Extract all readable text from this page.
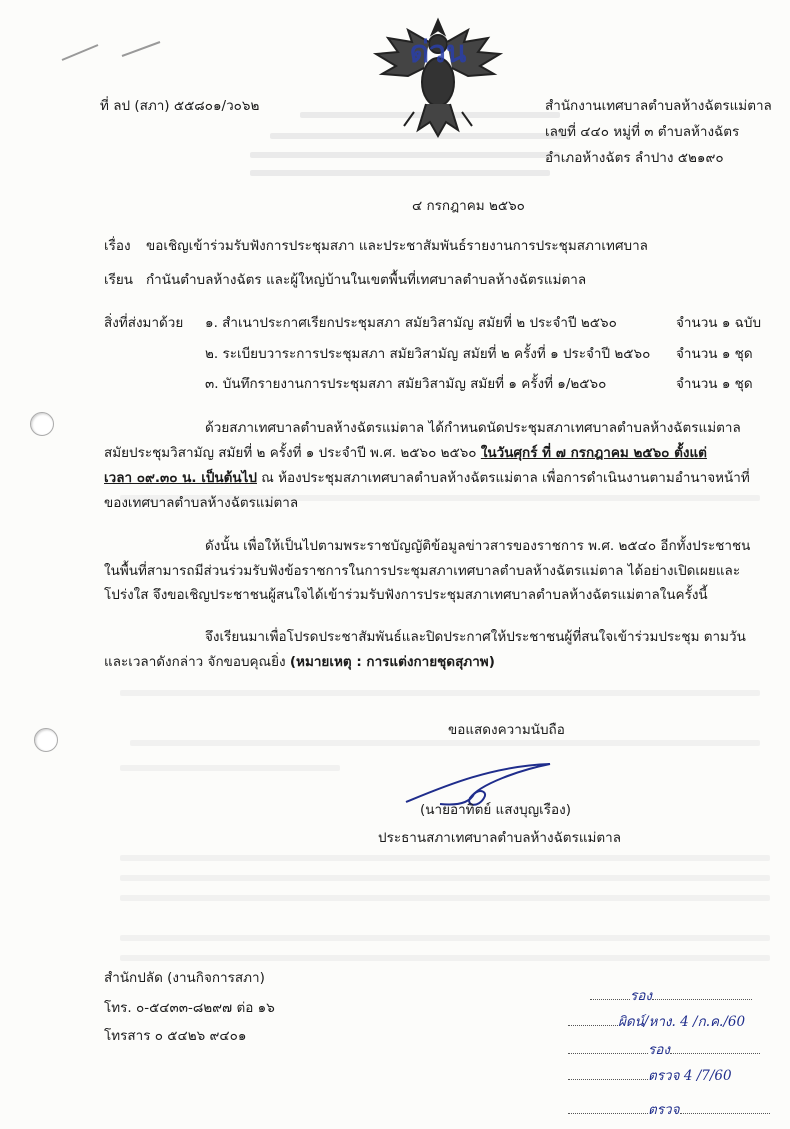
ด่วน
ที่ ลป (สภา) ๕๕๘๐๑/ว๐๖๒	สำนักงานเทศบาลตำบลห้างฉัตรแม่ตาล
เลขที่ ๔๔๐ หมู่ที่ ๓ ตำบลห้างฉัตร
อำเภอห้างฉัตร ลำปาง ๕๒๑๙๐
๔ กรกฎาคม ๒๕๖๐
เรื่อง ขอเชิญเข้าร่วมรับฟังการประชุมสภา และประชาสัมพันธ์รายงานการประชุมสภาเทศบาล
เรียน กำนันตำบลห้างฉัตร และผู้ใหญ่บ้านในเขตพื้นที่เทศบาลตำบลห้างฉัตรแม่ตาล
สิ่งที่ส่งมาด้วย ๑. สำเนาประกาศเรียกประชุมสภา สมัยวิสามัญ สมัยที่ ๒ ประจำปี ๒๕๖๐	จำนวน ๑ ฉบับ
๒. ระเบียบวาระการประชุมสภา สมัยวิสามัญ สมัยที่ ๒ ครั้งที่ ๑ ประจำปี ๒๕๖๐ จำนวน ๑ ชุด
๓. บันทึกรายงานการประชุมสภา สมัยวิสามัญ สมัยที่ ๑ ครั้งที่ ๑/๒๕๖๐	จำนวน ๑ ชุด
ด้วยสภาเทศบาลตำบลห้างฉัตรแม่ตาล ได้กำหนดนัดประชุมสภาเทศบาลตำบลห้างฉัตรแม่ตาล
สมัยประชุมวิสามัญ สมัยที่ ๒ ครั้งที่ ๑ ประจำปี พ.ศ. ๒๕๖๐ ๒๕๖๐ ในวันศุกร์ ที่ ๗ กรกฎาคม ๒๕๖๐ ตั้งแต่
เวลา ๐๙.๓๐ น. เป็นต้นไป ณ ห้องประชุมสภาเทศบาลตำบลห้างฉัตรแม่ตาล เพื่อการดำเนินงานตามอำนาจหน้าที่
ของเทศบาลตำบลห้างฉัตรแม่ตาล
ดังนั้น เพื่อให้เป็นไปตามพระราชบัญญัติข้อมูลข่าวสารของราชการ พ.ศ. ๒๕๔๐ อีกทั้งประชาชน
ในพื้นที่สามารถมีส่วนร่วมรับฟังข้อราชการในการประชุมสภาเทศบาลตำบลห้างฉัตรแม่ตาล ได้อย่างเปิดเผยและ
โปร่งใส จึงขอเชิญประชาชนผู้สนใจได้เข้าร่วมรับฟังการประชุมสภาเทศบาลตำบลห้างฉัตรแม่ตาลในครั้งนี้
จึงเรียนมาเพื่อโปรดประชาสัมพันธ์และปิดประกาศให้ประชาชนผู้ที่สนใจเข้าร่วมประชุม ตามวัน
และเวลาดังกล่าว จักขอบคุณยิ่ง (หมายเหตุ : การแต่งกายชุดสุภาพ)
ขอแสดงความนับถือ
(นายอาทิตย์ แสงบุญเรือง)
ประธานสภาเทศบาลตำบลห้างฉัตรแม่ตาล
สำนักปลัด (งานกิจการสภา)
โทร. ๐-๕๔๓๓-๘๒๙๗ ต่อ ๑๖
โทรสาร ๐ ๕๔๒๖ ๙๔๐๑
รอง
ผิดน์/หาง. 4 /ก.ค./60
รอง
ตรวจ 4 /7/60
ตรวจ
